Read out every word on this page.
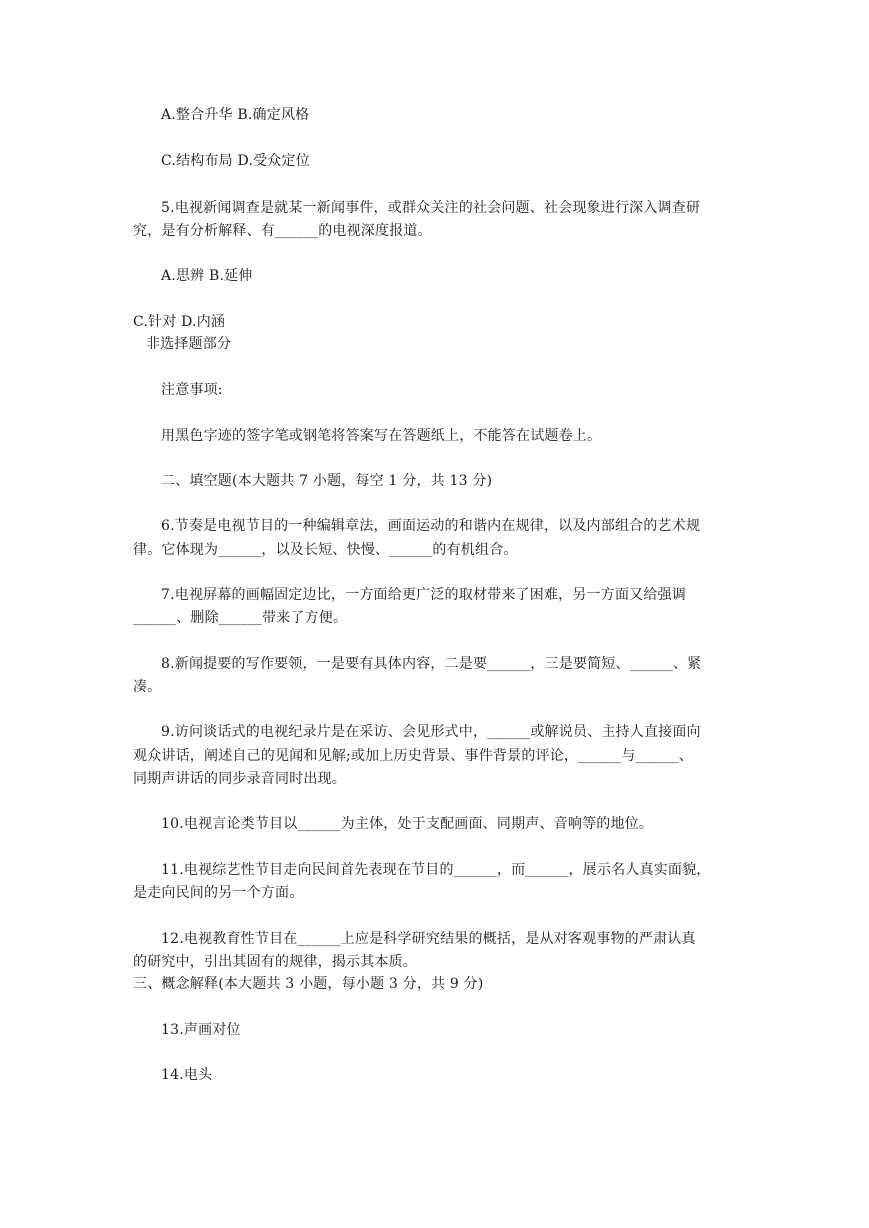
A.整合升华 B.确定风格
C.结构布局 D.受众定位
5.电视新闻调查是就某一新闻事件，或群众关注的社会问题、社会现象进行深入调查研
究，是有分析解释、有______的电视深度报道。
A.思辨 B.延伸
C.针对 D.内涵
非选择题部分
注意事项:
用黑色字迹的签字笔或钢笔将答案写在答题纸上，不能答在试题卷上。
二、填空题(本大题共 7 小题，每空 1 分，共 13 分)
6.节奏是电视节目的一种编辑章法，画面运动的和谐内在规律，以及内部组合的艺术规
律。它体现为______，以及长短、快慢、______的有机组合。
7.电视屏幕的画幅固定边比，一方面给更广泛的取材带来了困难，另一方面又给强调
______、删除______带来了方便。
8.新闻提要的写作要领，一是要有具体内容，二是要______，三是要简短、______、紧
凑。
9.访问谈话式的电视纪录片是在采访、会见形式中，______或解说员、主持人直接面向
观众讲话，阐述自己的见闻和见解;或加上历史背景、事件背景的评论，______与______、
同期声讲话的同步录音同时出现。
10.电视言论类节目以______为主体，处于支配画面、同期声、音响等的地位。
11.电视综艺性节目走向民间首先表现在节目的______，而______，展示名人真实面貌，
是走向民间的另一个方面。
12.电视教育性节目在______上应是科学研究结果的概括，是从对客观事物的严肃认真
的研究中，引出其固有的规律，揭示其本质。
三、概念解释(本大题共 3 小题，每小题 3 分，共 9 分)
13.声画对位
14.电头
